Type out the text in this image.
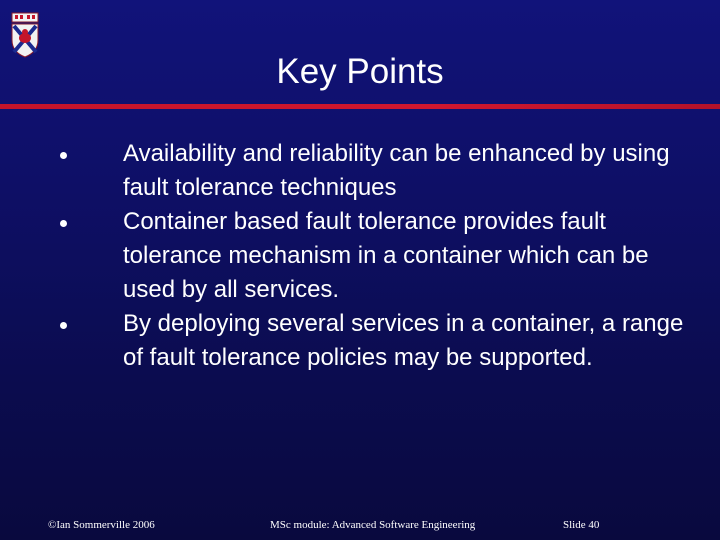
Key Points
Availability and reliability can be enhanced by using fault tolerance techniques
Container based fault tolerance provides fault tolerance mechanism in a container which can be used by all services.
By deploying several services in a container, a range of fault tolerance policies may be supported.
©Ian Sommerville 2006	MSc module: Advanced Software Engineering	Slide 40
